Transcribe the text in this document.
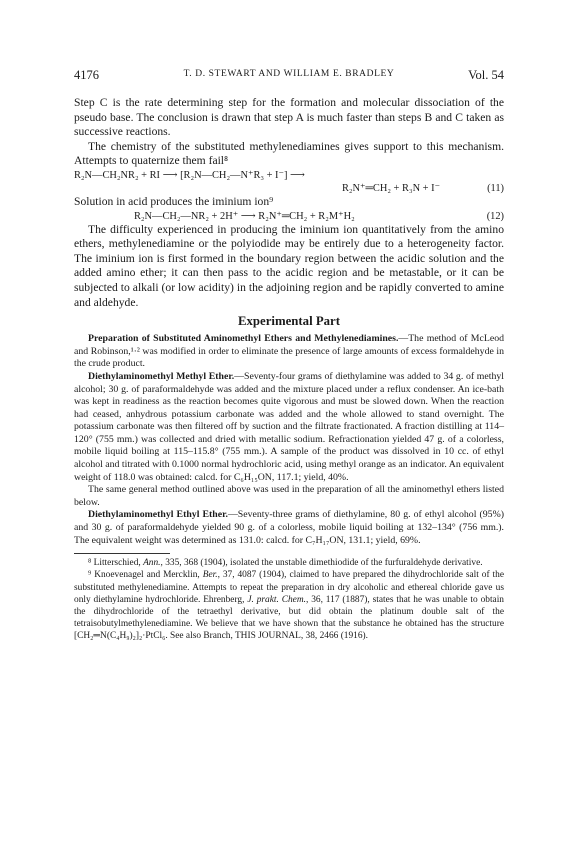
4176	T. D. STEWART AND WILLIAM E. BRADLEY	Vol. 54

Step C is the rate determining step for the formation and molecular dissociation of the pseudo base. The conclusion is drawn that step A is much faster than steps B and C taken as successive reactions.

The chemistry of the substituted methylenediamines gives support to this mechanism. Attempts to quaternize them fail⁸

R₂N—CH₂NR₂ + RI ⟶ [R₂N—CH₂—N⁺R₃ + I⁻] ⟶
R₂N⁺═CH₂ + R₃N + I⁻	(11)

Solution in acid produces the iminium ion⁹

R₂N—CH₂—NR₂ + 2H⁺ ⟶ R₂N⁺═CH₂ + R₂M⁺H₂	(12)

The difficulty experienced in producing the iminium ion quantitatively from the amino ethers, methylenediamine or the polyiodide may be entirely due to a heterogeneity factor. The iminium ion is first formed in the boundary region between the acidic solution and the added amino ether; it can then pass to the acidic region and be metastable, or it can be subjected to alkali (or low acidity) in the adjoining region and be rapidly converted to amine and aldehyde.

Experimental Part

Preparation of Substituted Aminomethyl Ethers and Methylenediamines.—The method of McLeod and Robinson,¹·² was modified in order to eliminate the presence of large amounts of excess formaldehyde in the crude product.

Diethylaminomethyl Methyl Ether.—Seventy-four grams of diethylamine was added to 34 g. of methyl alcohol; 30 g. of paraformaldehyde was added and the mixture placed under a reflux condenser. An ice-bath was kept in readiness as the reaction becomes quite vigorous and must be slowed down. When the reaction had ceased, anhydrous potassium carbonate was added and the whole allowed to stand overnight. The potassium carbonate was then filtered off by suction and the filtrate fractionated. A fraction distilling at 114–120° (755 mm.) was collected and dried with metallic sodium. Refractionation yielded 47 g. of a colorless, mobile liquid boiling at 115–115.8° (755 mm.). A sample of the product was dissolved in 10 cc. of ethyl alcohol and titrated with 0.1000 normal hydrochloric acid, using methyl orange as an indicator. An equivalent weight of 118.0 was obtained: calcd. for C₆H₁₅ON, 117.1; yield, 40%.

The same general method outlined above was used in the preparation of all the aminomethyl ethers listed below.

Diethylaminomethyl Ethyl Ether.—Seventy-three grams of diethylamine, 80 g. of ethyl alcohol (95%) and 30 g. of paraformaldehyde yielded 90 g. of a colorless, mobile liquid boiling at 132–134° (756 mm.). The equivalent weight was determined as 131.0: calcd. for C₇H₁₇ON, 131.1; yield, 69%.

⁸ Litterschied, Ann., 335, 368 (1904), isolated the unstable dimethiodide of the furfuraldehyde derivative.

⁹ Knoevenagel and Mercklin, Ber., 37, 4087 (1904), claimed to have prepared the dihydrochloride salt of the substituted methylenediamine. Attempts to repeat the preparation in dry alcoholic and ethereal chloride gave us only diethylamine hydrochloride. Ehrenberg, J. prakt. Chem., 36, 117 (1887), states that he was unable to obtain the dihydrochloride of the tetraethyl derivative, but did obtain the platinum double salt of the tetraisobutylmethylenediamine. We believe that we have shown that the substance he obtained has the structure [CH₂═N(C₄H₉)₂]₂·PtCl₆. See also Branch, THIS JOURNAL, 38, 2466 (1916).
